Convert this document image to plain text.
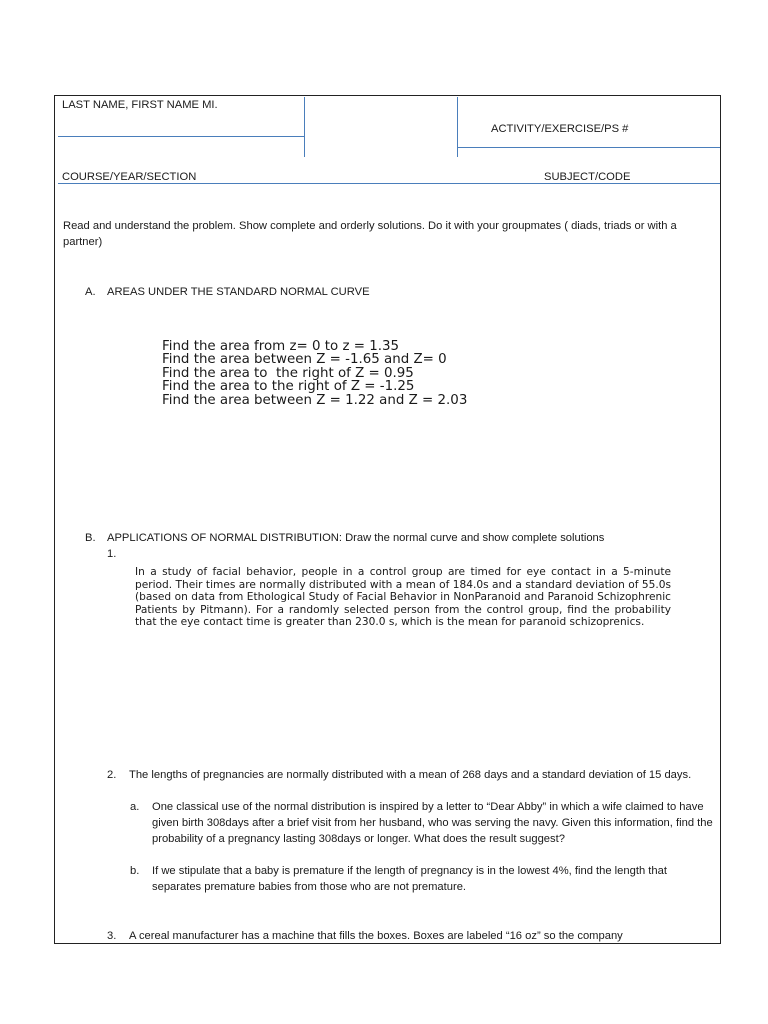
LAST NAME, FIRST NAME MI.
ACTIVITY/EXERCISE/PS #
COURSE/YEAR/SECTION	SUBJECT/CODE
Read and understand the problem. Show complete and orderly solutions. Do it with your groupmates ( diads, triads or with a partner)
A. AREAS UNDER THE STANDARD NORMAL CURVE
Find the area from z= 0 to z = 1.35
Find the area between Z = -1.65 and Z= 0
Find the area to  the right of Z = 0.95
Find the area to the right of Z = -1.25
Find the area between Z = 1.22 and Z = 2.03
B. APPLICATIONS OF NORMAL DISTRIBUTION: Draw the normal curve and show complete solutions
1.
In a study of facial behavior, people in a control group are timed for eye contact in a 5-minute period. Their times are normally distributed with a mean of 184.0s and a standard deviation of 55.0s (based on data from Ethological Study of Facial Behavior in NonParanoid and Paranoid Schizophrenic Patients by Pitmann). For a randomly selected person from the control group, find the probability that the eye contact time is greater than 230.0 s, which is the mean for paranoid schizoprenics.
2. The lengths of pregnancies are normally distributed with a mean of 268 days and a standard deviation of 15 days.
a. One classical use of the normal distribution is inspired by a letter to “Dear Abby” in which a wife claimed to have given birth 308days after a brief visit from her husband, who was serving the navy. Given this information, find the probability of a pregnancy lasting 308days or longer. What does the result suggest?
b. If we stipulate that a baby is premature if the length of pregnancy is in the lowest 4%, find the length that separates premature babies from those who are not premature.
3. A cereal manufacturer has a machine that fills the boxes. Boxes are labeled “16 oz” so the company
